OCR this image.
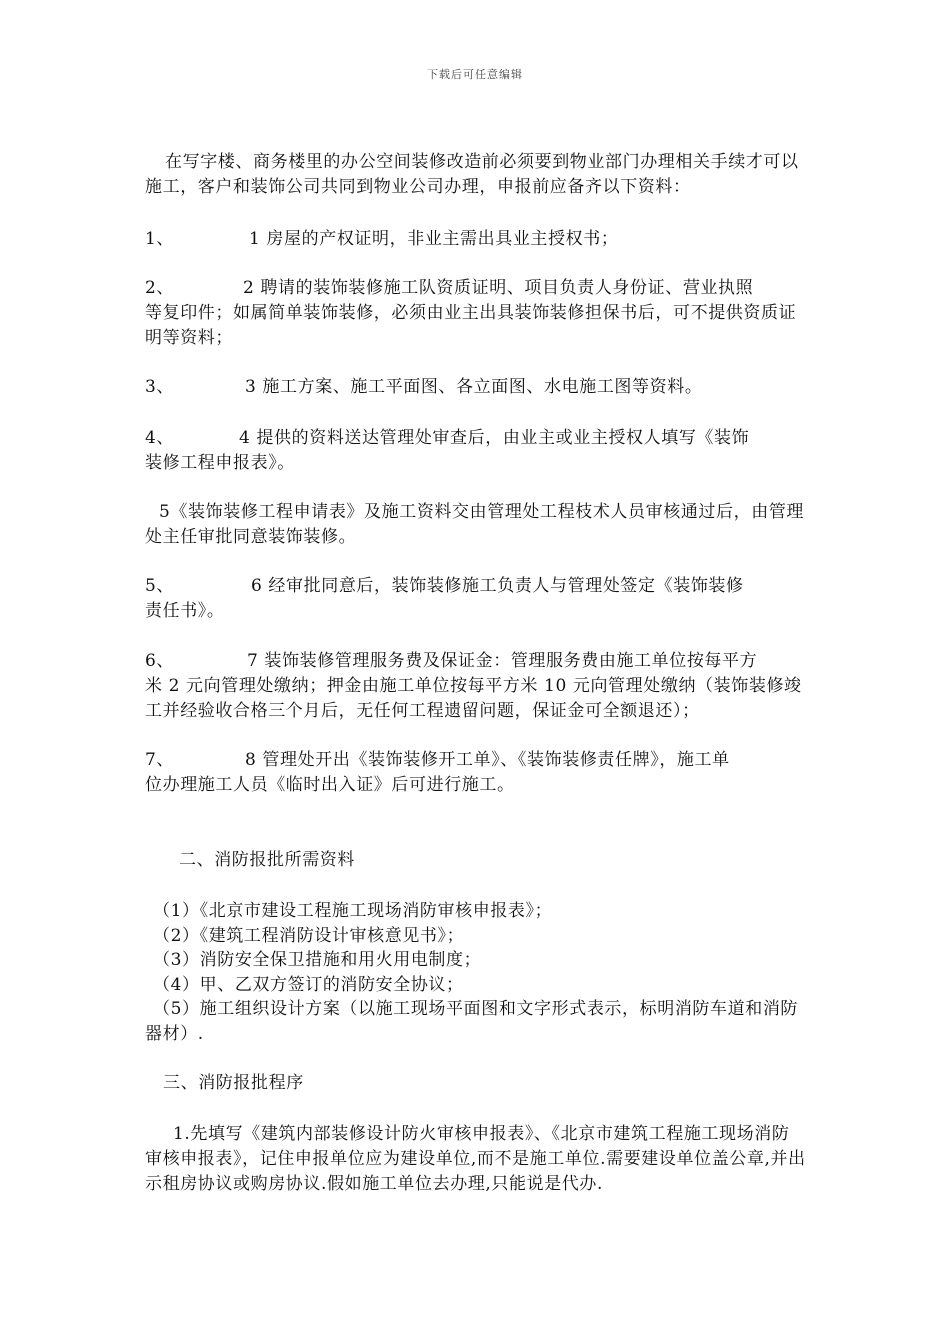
下载后可任意编辑
在写字楼、商务楼里的办公空间装修改造前必须要到物业部门办理相关手续才可以施工，客户和装饰公司共同到物业公司办理，申报前应备齐以下资料：
1、	1 房屋的产权证明，非业主需出具业主授权书；
2、	2 聘请的装饰装修施工队资质证明、项目负责人身份证、营业执照
等复印件；如属简单装饰装修，必须由业主出具装饰装修担保书后，可不提供资质证明等资料；
3、	3 施工方案、施工平面图、各立面图、水电施工图等资料。
4、	4 提供的资料送达管理处审查后，由业主或业主授权人填写《装饰
装修工程申报表》。
5《装饰装修工程申请表》及施工资料交由管理处工程枝术人员审核通过后，由管理处主任审批同意装饰装修。
5、	6 经审批同意后，装饰装修施工负责人与管理处签定《装饰装修
责任书》。
6、	7 装饰装修管理服务费及保证金：管理服务费由施工单位按每平方
米 2 元向管理处缴纳；押金由施工单位按每平方米 10 元向管理处缴纳（装饰装修竣工并经验收合格三个月后，无任何工程遗留问题，保证金可全额退还）；
7、	8 管理处开出《装饰装修开工单》、《装饰装修责任牌》，施工单
位办理施工人员《临时出入证》后可进行施工。
二、消防报批所需资料
（1）《北京市建设工程施工现场消防审核申报表》；
（2）《建筑工程消防设计审核意见书》；
（3）消防安全保卫措施和用火用电制度；
（4）甲、乙双方签订的消防安全协议；
（5）施工组织设计方案（以施工现场平面图和文字形式表示，标明消防车道和消防器材）.
三、消防报批程序
1.先填写《建筑内部装修设计防火审核申报表》、《北京市建筑工程施工现场消防审核申报表》，记住申报单位应为建设单位,而不是施工单位.需要建设单位盖公章,并出示租房协议或购房协议.假如施工单位去办理,只能说是代办.
